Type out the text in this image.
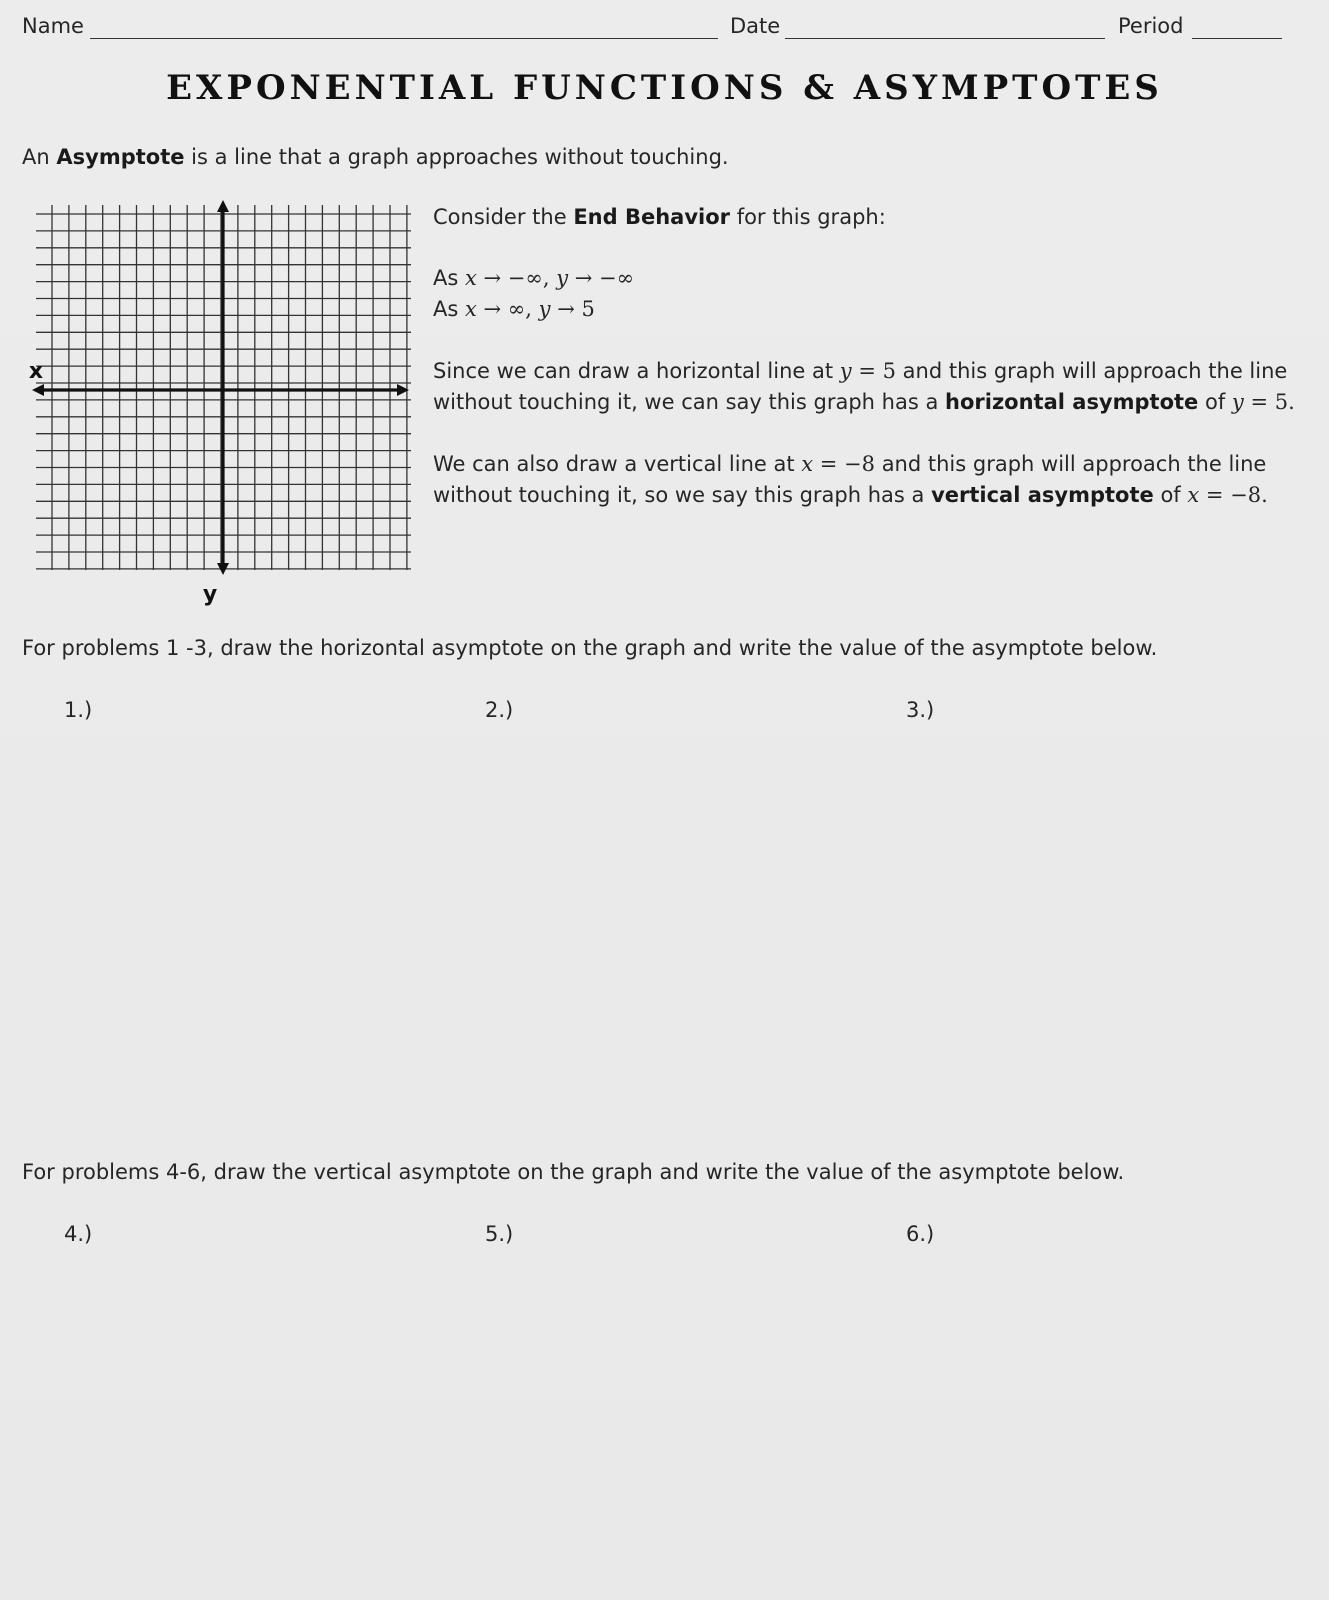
Name	Date	Period
EXPONENTIAL FUNCTIONS & ASYMPTOTES
An Asymptote is a line that a graph approaches without touching.
x
y
Consider the End Behavior for this graph:
As x → −∞, y → −∞
As x → ∞, y → 5
Since we can draw a horizontal line at y = 5 and this graph will approach the line
without touching it, we can say this graph has a horizontal asymptote of y = 5.
We can also draw a vertical line at x = −8 and this graph will approach the line
without touching it, so we say this graph has a vertical asymptote of x = −8.
For problems 1 -3, draw the horizontal asymptote on the graph and write the value of the asymptote below.
1.)	2.)	3.)
For problems 4-6, draw the vertical asymptote on the graph and write the value of the asymptote below.
4.)	5.)	6.)
